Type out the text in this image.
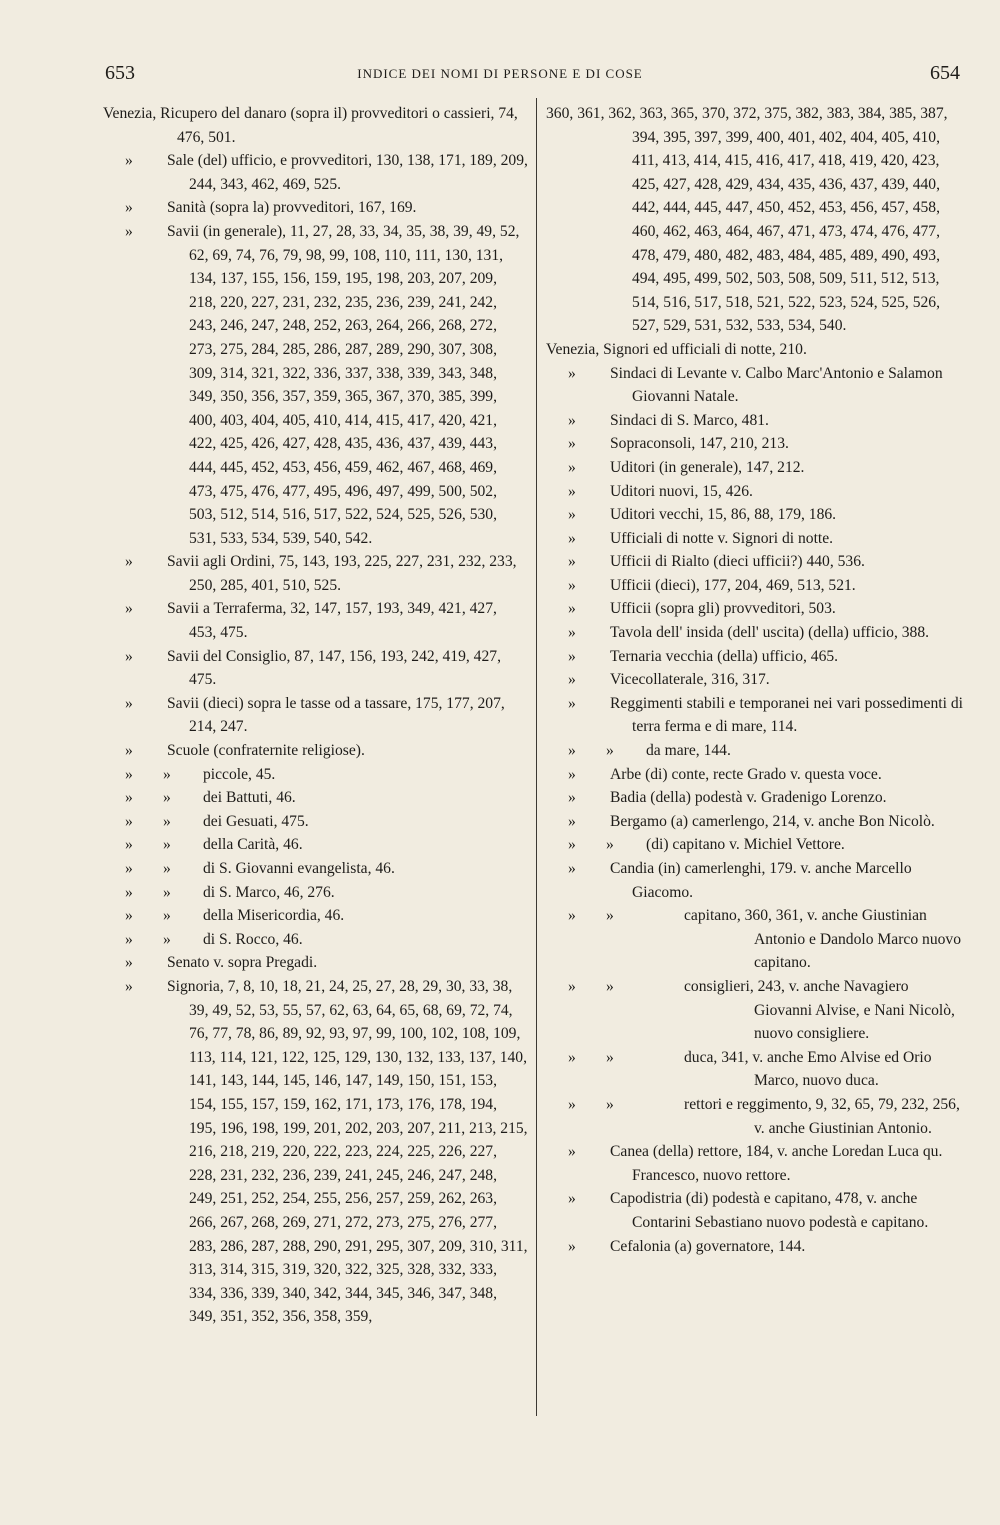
653	INDICE DEI NOMI DI PERSONE E DI COSE	654
Venezia, Ricupero del danaro (sopra il) provveditori o cassieri, 74, 476, 501.
»	Sale (del) ufficio, e provveditori, 130, 138, 171, 189, 209, 244, 343, 462, 469, 525.
»	Sanità (sopra la) provveditori, 167, 169.
»	Savii (in generale), 11, 27, 28, 33, 34, 35, 38, 39, 49, 52, 62, 69, 74, 76, 79, 98, 99, 108, 110, 111, 130, 131, 134, 137, 155, 156, 159, 195, 198, 203, 207, 209, 218, 220, 227, 231, 232, 235, 236, 239, 241, 242, 243, 246, 247, 248, 252, 263, 264, 266, 268, 272, 273, 275, 284, 285, 286, 287, 289, 290, 307, 308, 309, 314, 321, 322, 336, 337, 338, 339, 343, 348, 349, 350, 356, 357, 359, 365, 367, 370, 385, 399, 400, 403, 404, 405, 410, 414, 415, 417, 420, 421, 422, 425, 426, 427, 428, 435, 436, 437, 439, 443, 444, 445, 452, 453, 456, 459, 462, 467, 468, 469, 473, 475, 476, 477, 495, 496, 497, 499, 500, 502, 503, 512, 514, 516, 517, 522, 524, 525, 526, 530, 531, 533, 534, 539, 540, 542.
»	Savii agli Ordini, 75, 143, 193, 225, 227, 231, 232, 233, 250, 285, 401, 510, 525.
»	Savii a Terraferma, 32, 147, 157, 193, 349, 421, 427, 453, 475.
»	Savii del Consiglio, 87, 147, 156, 193, 242, 419, 427, 475.
»	Savii (dieci) sopra le tasse od a tassare, 175, 177, 207, 214, 247.
»	Scuole (confraternite religiose).
» »	piccole, 45.
» »	dei Battuti, 46.
» »	dei Gesuati, 475.
» »	della Carità, 46.
» »	di S. Giovanni evangelista, 46.
» »	di S. Marco, 46, 276.
» »	della Misericordia, 46.
» »	di S. Rocco, 46.
»	Senato v. sopra Pregadi.
»	Signoria, 7, 8, 10, 18, 21, 24, 25, 27, 28, 29, 30, 33, 38, 39, 49, 52, 53, 55, 57, 62, 63, 64, 65, 68, 69, 72, 74, 76, 77, 78, 86, 89, 92, 93, 97, 99, 100, 102, 108, 109, 113, 114, 121, 122, 125, 129, 130, 132, 133, 137, 140, 141, 143, 144, 145, 146, 147, 149, 150, 151, 153, 154, 155, 157, 159, 162, 171, 173, 176, 178, 194, 195, 196, 198, 199, 201, 202, 203, 207, 211, 213, 215, 216, 218, 219, 220, 222, 223, 224, 225, 226, 227, 228, 231, 232, 236, 239, 241, 245, 246, 247, 248, 249, 251, 252, 254, 255, 256, 257, 259, 262, 263, 266, 267, 268, 269, 271, 272, 273, 275, 276, 277, 283, 286, 287, 288, 290, 291, 295, 307, 209, 310, 311, 313, 314, 315, 319, 320, 322, 325, 328, 332, 333, 334, 336, 339, 340, 342, 344, 345, 346, 347, 348, 349, 351, 352, 356, 358, 359,
360, 361, 362, 363, 365, 370, 372, 375, 382, 383, 384, 385, 387, 394, 395, 397, 399, 400, 401, 402, 404, 405, 410, 411, 413, 414, 415, 416, 417, 418, 419, 420, 423, 425, 427, 428, 429, 434, 435, 436, 437, 439, 440, 442, 444, 445, 447, 450, 452, 453, 456, 457, 458, 460, 462, 463, 464, 467, 471, 473, 474, 476, 477, 478, 479, 480, 482, 483, 484, 485, 489, 490, 493, 494, 495, 499, 502, 503, 508, 509, 511, 512, 513, 514, 516, 517, 518, 521, 522, 523, 524, 525, 526, 527, 529, 531, 532, 533, 534, 540.
Venezia, Signori ed ufficiali di notte, 210.
»	Sindaci di Levante v. Calbo Marc'Antonio e Salamon Giovanni Natale.
»	Sindaci di S. Marco, 481.
»	Sopraconsoli, 147, 210, 213.
»	Uditori (in generale), 147, 212.
»	Uditori nuovi, 15, 426.
»	Uditori vecchi, 15, 86, 88, 179, 186.
»	Ufficiali di notte v. Signori di notte.
»	Ufficii di Rialto (dieci ufficii?) 440, 536.
»	Ufficii (dieci), 177, 204, 469, 513, 521.
»	Ufficii (sopra gli) provveditori, 503.
»	Tavola dell' insida (dell' uscita) (della) ufficio, 388.
»	Ternaria vecchia (della) ufficio, 465.
»	Vicecollaterale, 316, 317.
»	Reggimenti stabili e temporanei nei vari possedimenti di terra ferma e di mare, 114.
» »	da mare, 144.
»	Arbe (di) conte, recte Grado v. questa voce.
»	Badia (della) podestà v. Gradenigo Lorenzo.
»	Bergamo (a) camerlengo, 214, v. anche Bon Nicolò.
» »	(di) capitano v. Michiel Vettore.
»	Candia (in) camerlenghi, 179. v. anche Marcello Giacomo.
» »	capitano, 360, 361, v. anche Giustinian Antonio e Dandolo Marco nuovo capitano.
» »	consiglieri, 243, v. anche Navagiero Giovanni Alvise, e Nani Nicolò, nuovo consigliere.
» »	duca, 341, v. anche Emo Alvise ed Orio Marco, nuovo duca.
» »	rettori e reggimento, 9, 32, 65, 79, 232, 256, v. anche Giustinian Antonio.
»	Canea (della) rettore, 184, v. anche Loredan Luca qu. Francesco, nuovo rettore.
»	Capodistria (di) podestà e capitano, 478, v. anche Contarini Sebastiano nuovo podestà e capitano.
»	Cefalonia (a) governatore, 144.
